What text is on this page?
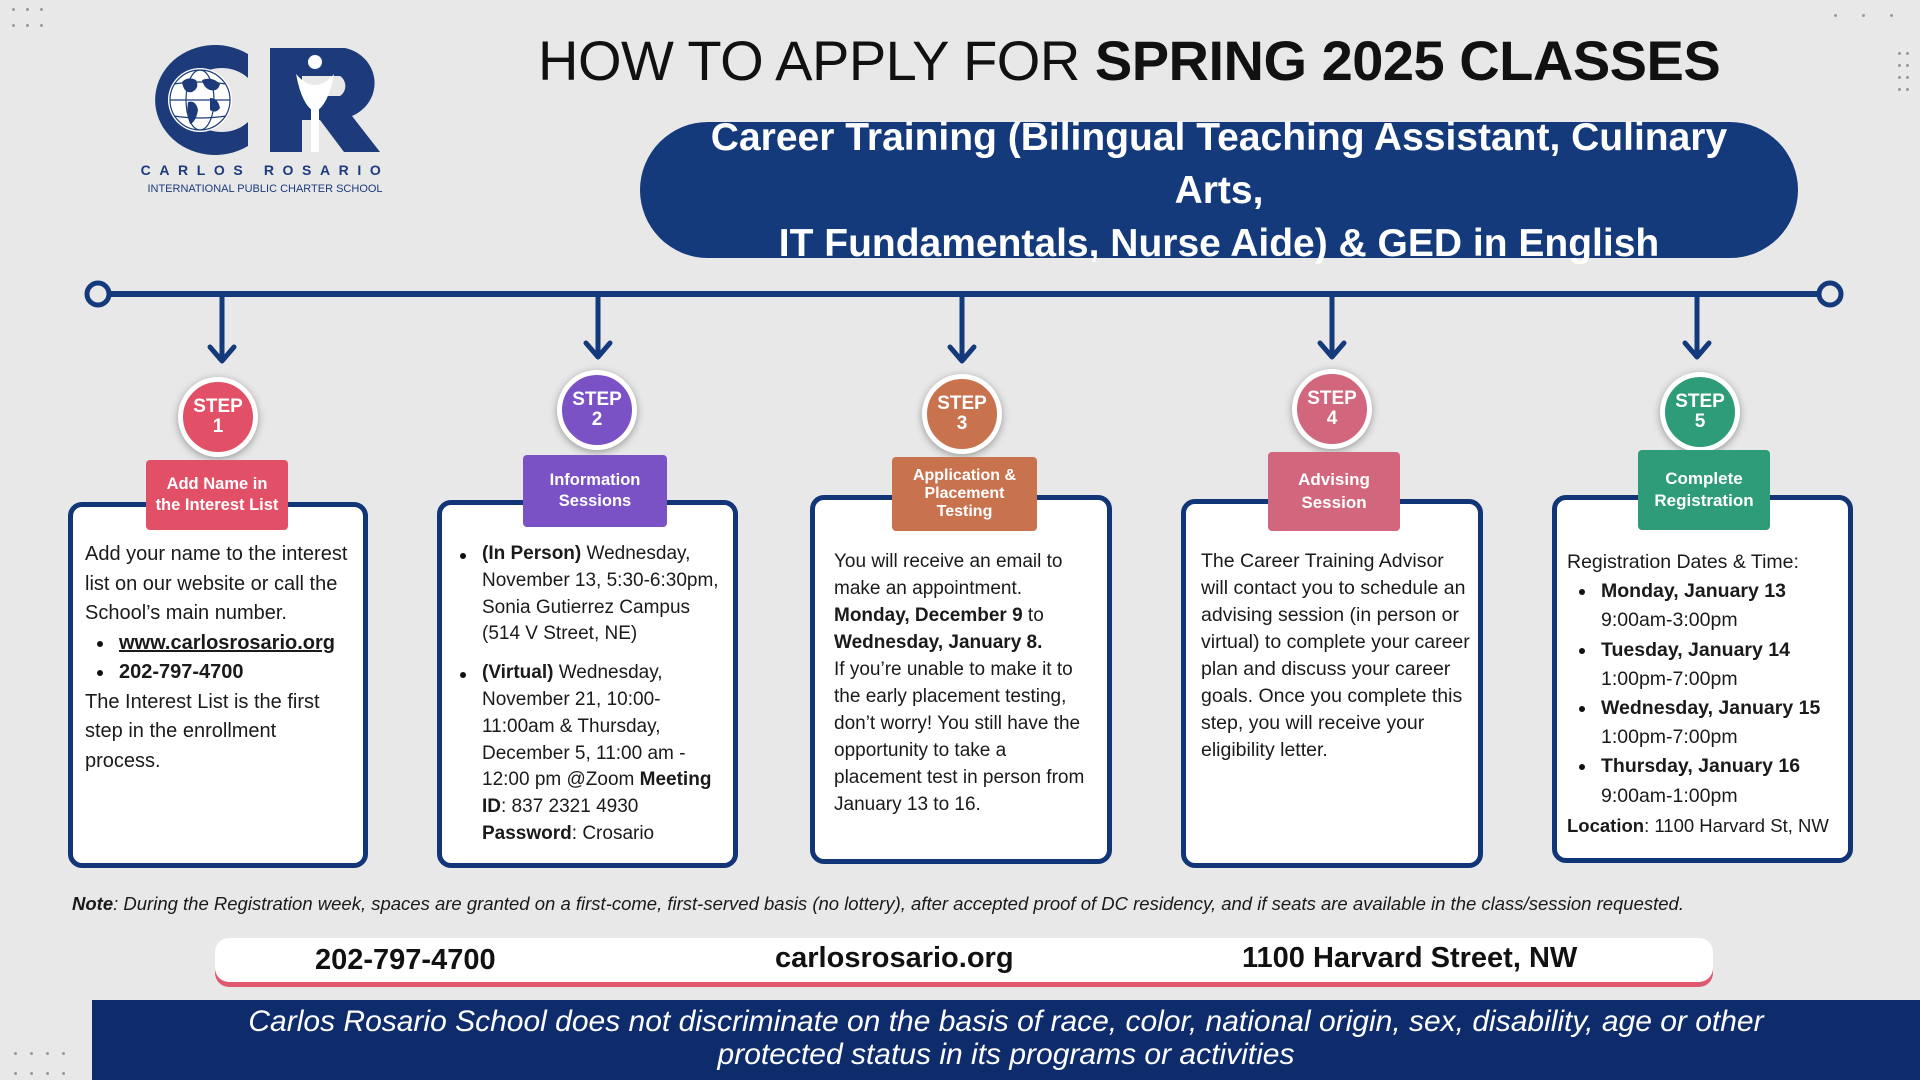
CARLOS ROSARIO
INTERNATIONAL PUBLIC CHARTER SCHOOL
HOW TO APPLY FOR SPRING 2025 CLASSES
Career Training (Bilingual Teaching Assistant, Culinary Arts,
IT Fundamentals, Nurse Aide) & GED in English
STEP
1
Add Name in the Interest List
Add your name to the interest list on our website or call the School’s main number.
www.carlosrosario.org
202-797-4700
The Interest List is the first step in the enrollment process.
STEP
2
Information Sessions
(In Person) Wednesday, November 13, 5:30-6:30pm, Sonia Gutierrez Campus (514 V Street, NE)
(Virtual) Wednesday, November 21, 10:00-11:00am & Thursday, December 5, 11:00 am - 12:00 pm @Zoom Meeting ID: 837 2321 4930 Password: Crosario
STEP
3
Application & Placement Testing
You will receive an email to make an appointment.
Monday, December 9 to Wednesday, January 8.
If you’re unable to make it to the early placement testing, don’t worry! You still have the opportunity to take a placement test in person from January 13 to 16.
STEP
4
Advising Session
The Career Training Advisor will contact you to schedule an advising session (in person or virtual) to complete your career plan and discuss your career goals. Once you complete this step, you will receive your eligibility letter.
STEP
5
Complete Registration
Registration Dates & Time:
Monday, January 13
9:00am-3:00pm
Tuesday, January 14
1:00pm-7:00pm
Wednesday, January 15
1:00pm-7:00pm
Thursday, January 16
9:00am-1:00pm
Location: 1100 Harvard St, NW
Note: During the Registration week, spaces are granted on a first-come, first-served basis (no lottery), after accepted proof of DC residency, and if seats are available in the class/session requested.
202-797-4700	carlosrosario.org	1100 Harvard Street, NW
Carlos Rosario School does not discriminate on the basis of race, color, national origin, sex, disability, age or other
protected status in its programs or activities
